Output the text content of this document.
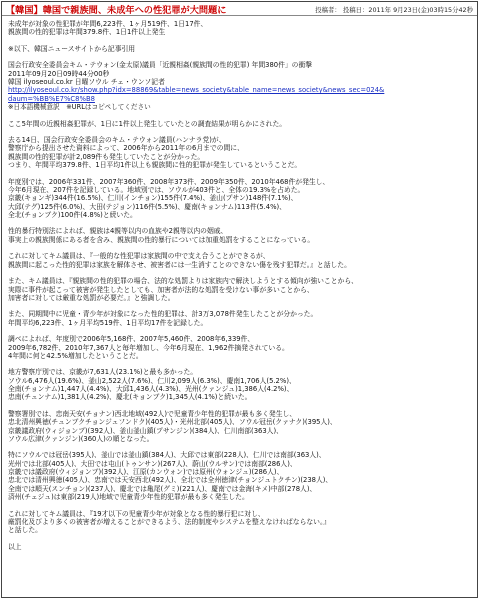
【韓国】韓国で親族間、未成年への性犯罪が大問題に	投稿者： 投稿日：2011年 9月23日(金)03時15分42秒

未成年が対象の性犯罪が年間6,223件、1ヶ月519件、1日17件、
親族間の性的犯罪は年間379.8件、1日1件以上発生

※以下、韓国ニュースサイトから記事引用

国会行政安全委員会キム・テウォン(金太原)議員「近親相姦(親族間の性的犯罪) 年間380件」の衝撃
2011年09月20日09時44分00秒
韓国 ilyoseoul.co.kr 日曜ソウル チェ・ウンソ記者

http://ilyoseoul.co.kr/show.php?idx=88869&table=news_society&table_name=news_society&news_sec=024&
daum=%BB%E7%C8%B8

※日本語機械意訳　※URLはコピペしてください

ここ5年間の近親相姦犯罪が、1日に1件以上発生していたとの調査結果が明らかにされた。

去る14日、国会行政安全委員会のキム・テウォン議員(ハンナラ党)が、
警察庁から提出させた資料によって、2006年から2011年の6月までの間に、
親族間の性的犯罪が計2,089件も発生していたことが分かった。
つまり、年間平均379.8件、1日平均1件以上も親族間に性的犯罪が発生しているということだ。

年度別では、2006年331件、2007年360件、2008年373件、2009年350件、2010年468件が発生し、
今年6月現在、207件を記録している。地域別では、ソウルが403件と、全体の19.3%を占めた。
京畿(キョンギ)344件(16.5%)、仁川(インチョン)155件(7.4%)、釜山(プサン)148件(7.1%)、
大邱(テグ)125件(6.0%)、大田(テジョン)116件(5.5%)、慶南(キョンナム)113件(5.4%)、
全北(チョンブク)100件(4.8%)と続いた。

性的暴行特別法によれば、親族は4親等以内の血族や2親等以内の姻戚、
事実上の親族関係にある者を含み、親族間の性的暴行については加重処罰をすることになっている。

これに対してキム議員は、『一般的な性犯罪は家族間の中で支え合うことができるが、
親族間に起こった性的犯罪は家族を解体させ、被害者には一生消すことのできない傷を残す犯罪だ。』と話した。

また、キム議員は、『親族間の性的犯罪の場合、法的な処罰よりは家族内で解決しようとする傾向が強いことから、
実際に事件が起こって被害が発生したとしても、加害者が法的な処罰を受けない事が多いことから、
加害者に対しては厳重な処罰が必要だ。』と強調した。

また、同期間中に児童・青少年が対象になった性的犯罪は、計3万3,078件発生したことが分かった。
年間平均6,223件、1ヶ月平均519件、1日平均17件を記録した。

調べによれば、年度別で2006年5,168件、2007年5,460件、2008年6,339件、
2009年6,782件、2010年7,367人と毎年増加し、今年6月現在、1,962件摘発されている。
4年間に何と42.5%増加したということだ。

地方警察庁別では、京畿が7,631人(23.1%)と最も多かった。
ソウル6,476人(19.6%)、釜山2,522人(7.6%)、仁川2,099人(6.3%)、慶南1,706人(5.2%)、
全南(チョンナム)1,447人(4.4%)、大邱1,436人(4.3%)、光州(クァンジュ)1,386人(4.2%)、
忠南(チュンナム)1,381人(4.2%)、慶北(キョンブク)1,345人(4.1%)と続いた。

警察署別では、忠南天安(チョナン)西北地域(492人)で児童青少年性的犯罪が最も多く発生し、
忠北清州興徳(チュンブクチョンジュフンドク)(405人)・光州北部(405人)、ソウル冠岳(クァナク)(395人)、
京畿議政府(ウィジョンブ)(392人)、釜山釜山鎮(プサンジン)(384人)、仁川南部(363人)、
ソウル広津(クァンジン)(360人)の順となった。

特にソウルでは冠岳(395人)、釜山では釜山鎮(384人)、大邱では東部(228人)、仁川では南部(363人)、
光州では北部(405人)、大田では屯山(トゥンサン)(267人)、蔚山(ウルサン)では南部(286人)、
京畿では議政府(ウィジョンブ)(392人)、江原(カンウォン)では原州(ウォンジュ)(286人)、
忠北では清州興徳(405人)、忠南では天安西北(492人)、全北では全州徳津(チョンジュトクチン)(238人)、
全南では順天(スンチョン)(237人)、慶北では亀尾(グミ)(221人)、慶南では金海(キメ)中部(278人)、
済州(チェジュ)は東部(219人)地域で児童青少年性的犯罪が最も多く発生した。

これに対してキム議員は、『19才以下の児童青少年が対象となる性的暴行犯に対し、
厳罰化及びより多くの被害者が増えることができるよう、法的制度やシステムを整えなければならない。』
と話した。

以上
